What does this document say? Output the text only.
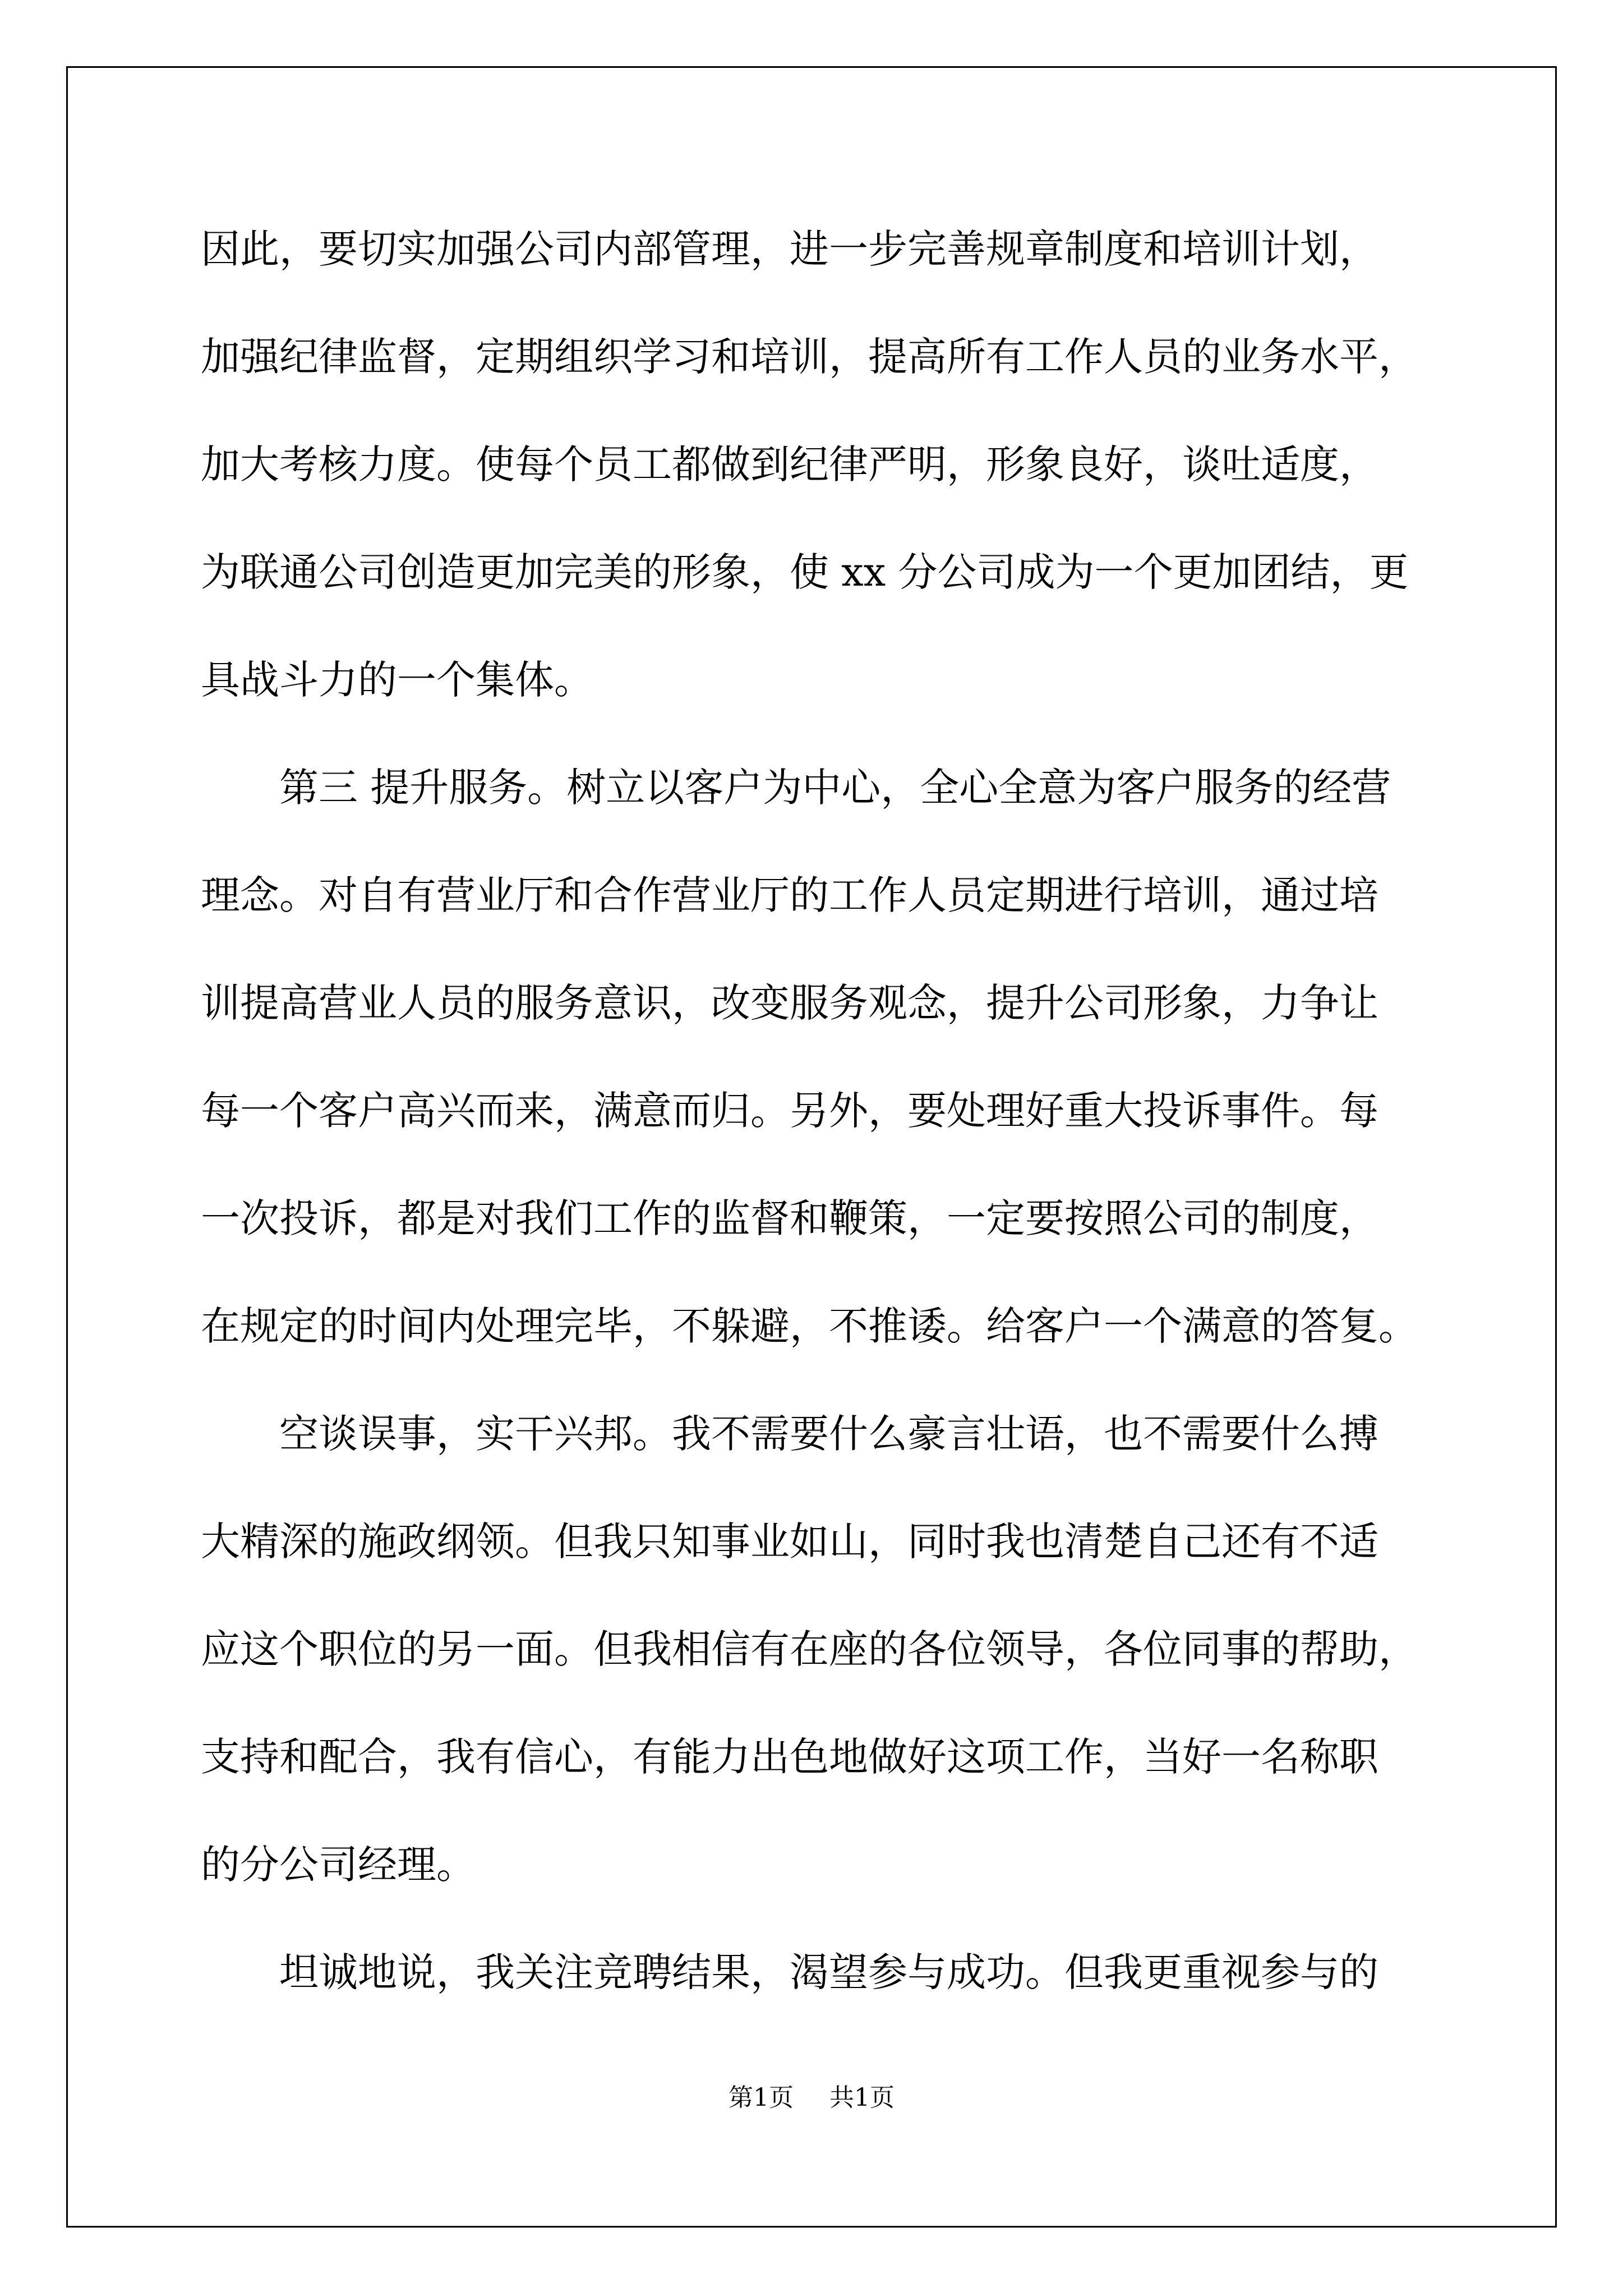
因此，要切实加强公司内部管理，进一步完善规章制度和培训计划，
加强纪律监督，定期组织学习和培训，提高所有工作人员的业务水平，
加大考核力度。使每个员工都做到纪律严明，形象良好，谈吐适度，
为联通公司创造更加完美的形象，使 xx 分公司成为一个更加团结，更
具战斗力的一个集体。
　　第三 提升服务。树立以客户为中心，全心全意为客户服务的经营
理念。对自有营业厅和合作营业厅的工作人员定期进行培训，通过培
训提高营业人员的服务意识，改变服务观念，提升公司形象，力争让
每一个客户高兴而来，满意而归。另外，要处理好重大投诉事件。每
一次投诉，都是对我们工作的监督和鞭策，一定要按照公司的制度，
在规定的时间内处理完毕，不躲避，不推诿。给客户一个满意的答复。
　　空谈误事，实干兴邦。我不需要什么豪言壮语，也不需要什么搏
大精深的施政纲领。但我只知事业如山，同时我也清楚自己还有不适
应这个职位的另一面。但我相信有在座的各位领导，各位同事的帮助，
支持和配合，我有信心，有能力出色地做好这项工作，当好一名称职
的分公司经理。
　　坦诚地说，我关注竞聘结果，渴望参与成功。但我更重视参与的
第1页 共1页
